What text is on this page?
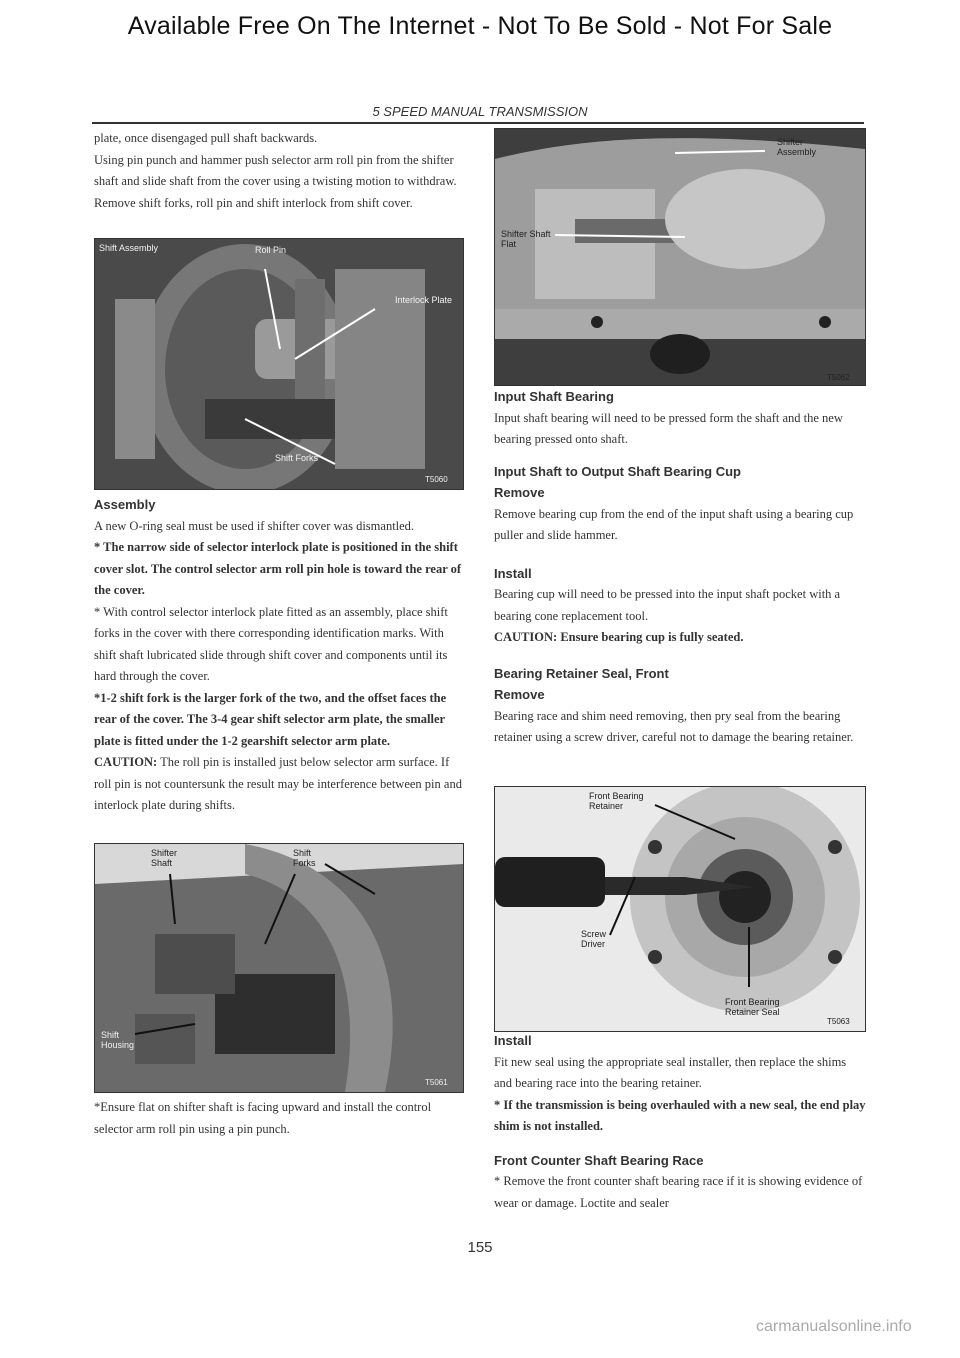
Available Free On The Internet - Not To Be Sold - Not For Sale
5 SPEED MANUAL TRANSMISSION

plate, once disengaged pull shaft backwards.

Using pin punch and hammer push selector arm roll pin from the shifter shaft and slide shaft from the cover using a twisting motion to withdraw. Remove shift forks, roll pin and shift interlock from shift cover.

Shift Assembly	Roll Pin
Interlock Plate
Shift Forks
T5060

Assembly

A new O-ring seal must be used if shifter cover was dismantled.

* The narrow side of selector interlock plate is positioned in the shift cover slot. The control selector arm roll pin hole is toward the rear of the cover.

* With control selector interlock plate fitted as an assembly, place shift forks in the cover with there corresponding identification marks. With shift shaft lubricated slide through shift cover and components until its hard through the cover.

*1-2 shift fork is the larger fork of the two, and the offset faces the rear of the cover. The 3-4 gear shift selector arm plate, the smaller plate is fitted under the 1-2 gearshift selector arm plate.

CAUTION: The roll pin is installed just below selector arm surface. If roll pin is not countersunk the result may be interference between pin and interlock plate during shifts.

Shifter Shaft
Shift Forks
Shift Housing
T5061

*Ensure flat on shifter shaft is facing upward and install the control selector arm roll pin using a pin punch.

Shifter Assembly
Shifter Shaft Flat
T5062

Input Shaft Bearing

Input shaft bearing will need to be pressed form the shaft and the new bearing pressed onto shaft.

Input Shaft to Output Shaft Bearing Cup

Remove

Remove bearing cup from the end of the input shaft using a bearing cup puller and slide hammer.

Install

Bearing cup will need to be pressed into the input shaft pocket with a bearing cone replacement tool.

CAUTION: Ensure bearing cup is fully seated.

Bearing Retainer Seal, Front

Remove

Bearing race and shim need removing, then pry seal from the bearing retainer using a screw driver, careful not to damage the bearing retainer.

Front Bearing Retainer
Screw Driver
Front Bearing Retainer Seal
T5063

Install

Fit new seal using the appropriate seal installer, then replace the shims and bearing race into the bearing retainer.

* If the transmission is being overhauled with a new seal, the end play shim is not installed.

Front Counter Shaft Bearing Race

* Remove the front counter shaft bearing race if it is showing evidence of wear or damage. Loctite and sealer

155
carmanualsonline.info
